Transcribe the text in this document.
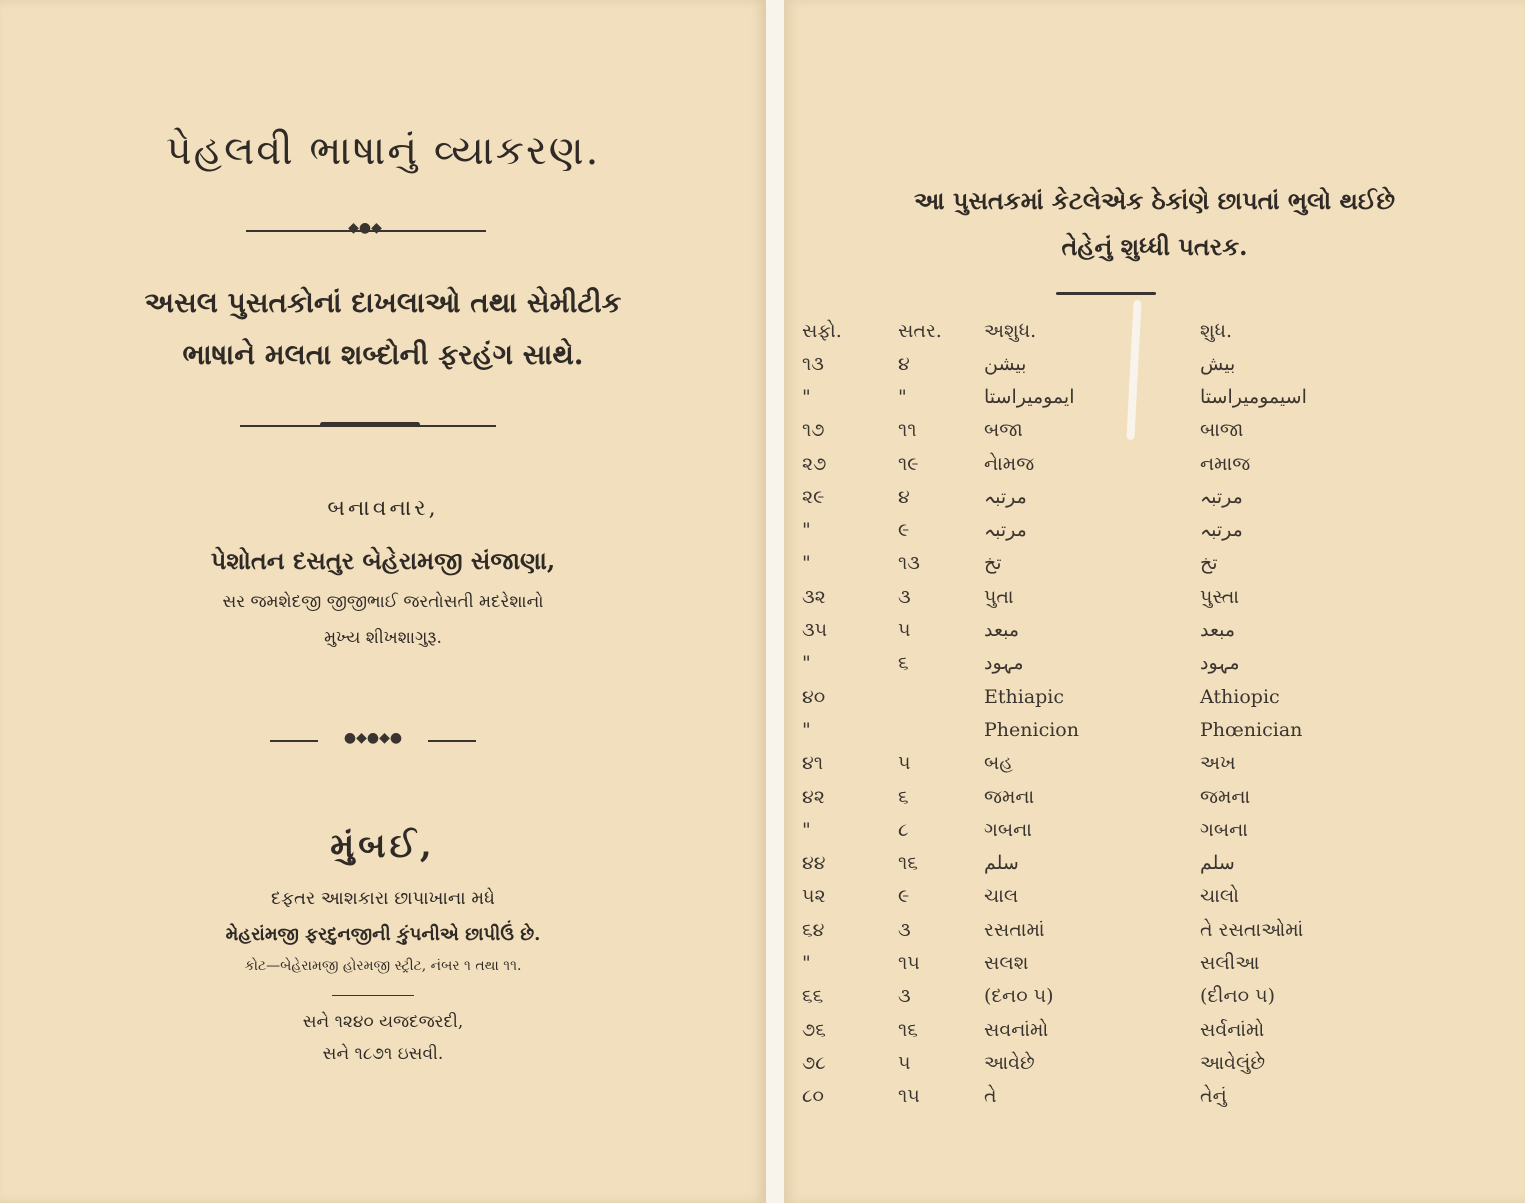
પેહલવી ભાષાનું વ્યાકરણ.
◆●◆
અસલ પુસતકોનાં દાખલાઓ તથા સેમીટીક
ભાષાને મલતા શબ્દોની ફરહંગ સાથે.
બનાવનાર,
પેશોતન દસતુર બેહેરામજી સંજાણા,
સર જમશેદજી જીજીભાઈ જરતોસતી મદરેશાનો
મુખ્ય શીખશાગુરૂ.
●◆●◆●
મુંબઈ,
દફતર આશકારા છાપાખાના મધે
મેહરાંમજી ફરદુનજીની કુંપનીએ છાપીઉં છે.
કોટ—બેહેરામજી હોરમજી સ્ટ્રીટ, નંબર ૧ તથા ૧૧.
સને ૧૨૪૦ યજદજરદી,
સને ૧૮૭૧ ઇસવી.
આ પુસતકમાં કેટલેએક ઠેકાંણે છાપતાં ભુલો થઈછે
તેહેનું શુધ્ધી પતરક.
સફો.	સતર.	અશુધ.	શુધ.
૧૩	૪	بیشن	بیش
"	"	ایمومیراستا	اسیمومیراستا
૧૭	૧૧	બજા	બાજા
૨૭	૧૯	નેામજ	નમાજ
૨૯	૪	مرتبہ	مرتبہ
"	૯	مرتبہ	مرتبہ
"	૧૩	تخ	تخ
૩૨	૩	પુતા	પુસ્તા
૩૫	૫	مبعد	مبعد
"	૬	مہود	مہود
૪૦		Ethiapic	Athiopic
"		Phenicion	Phœnician
૪૧	૫	બહ	અખ
૪૨	૬	જમના	જમના
"	૮	ગબના	ગબના
૪૪	૧૬	سلم	سلم
૫૨	૯	ચાલ	ચાલો
૬૪	૩	રસતામાં	તે રસતાઓમાં
"	૧૫	સલશ	સલીઆ
૬૬	૩	(દન૦ ૫)	(દીન૦ ૫)
૭૬	૧૬	સવનાંમો	સર્વનાંમો
૭૮	૫	આવેછે	આવેલુંછે
૮૦	૧૫	તે	તેનું
